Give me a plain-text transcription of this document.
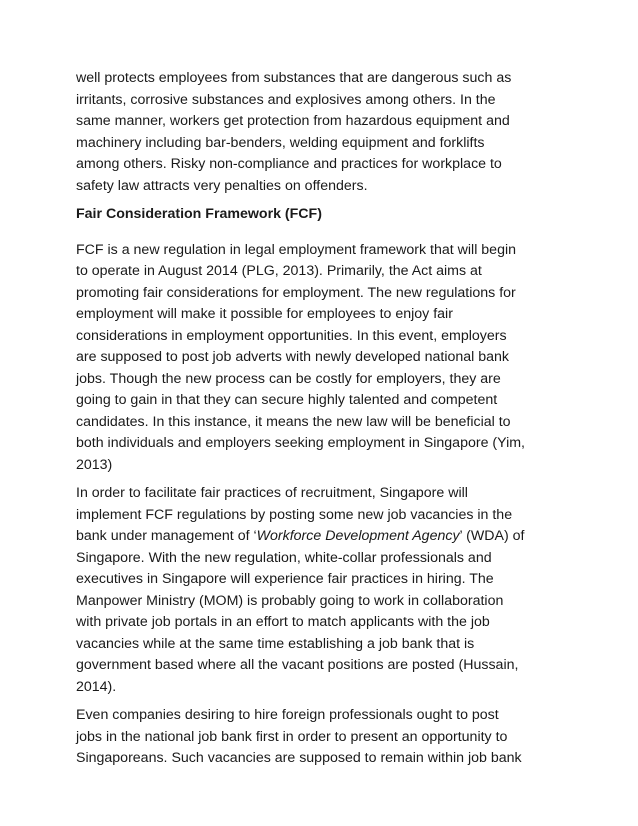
well protects employees from substances that are dangerous such as
irritants, corrosive substances and explosives among others. In the
same manner, workers get protection from hazardous equipment and
machinery including bar-benders, welding equipment and forklifts
among others. Risky non-compliance and practices for workplace to
safety law attracts very penalties on offenders.

Fair Consideration Framework (FCF)

FCF is a new regulation in legal employment framework that will begin
to operate in August 2014 (PLG, 2013). Primarily, the Act aims at
promoting fair considerations for employment. The new regulations for
employment will make it possible for employees to enjoy fair
considerations in employment opportunities. In this event, employers
are supposed to post job adverts with newly developed national bank
jobs. Though the new process can be costly for employers, they are
going to gain in that they can secure highly talented and competent
candidates. In this instance, it means the new law will be beneficial to
both individuals and employers seeking employment in Singapore (Yim,
2013)

In order to facilitate fair practices of recruitment, Singapore will
implement FCF regulations by posting some new job vacancies in the
bank under management of ‘Workforce Development Agency’ (WDA) of
Singapore. With the new regulation, white-collar professionals and
executives in Singapore will experience fair practices in hiring. The
Manpower Ministry (MOM) is probably going to work in collaboration
with private job portals in an effort to match applicants with the job
vacancies while at the same time establishing a job bank that is
government based where all the vacant positions are posted (Hussain,
2014).

Even companies desiring to hire foreign professionals ought to post
jobs in the national job bank first in order to present an opportunity to
Singaporeans. Such vacancies are supposed to remain within job bank
